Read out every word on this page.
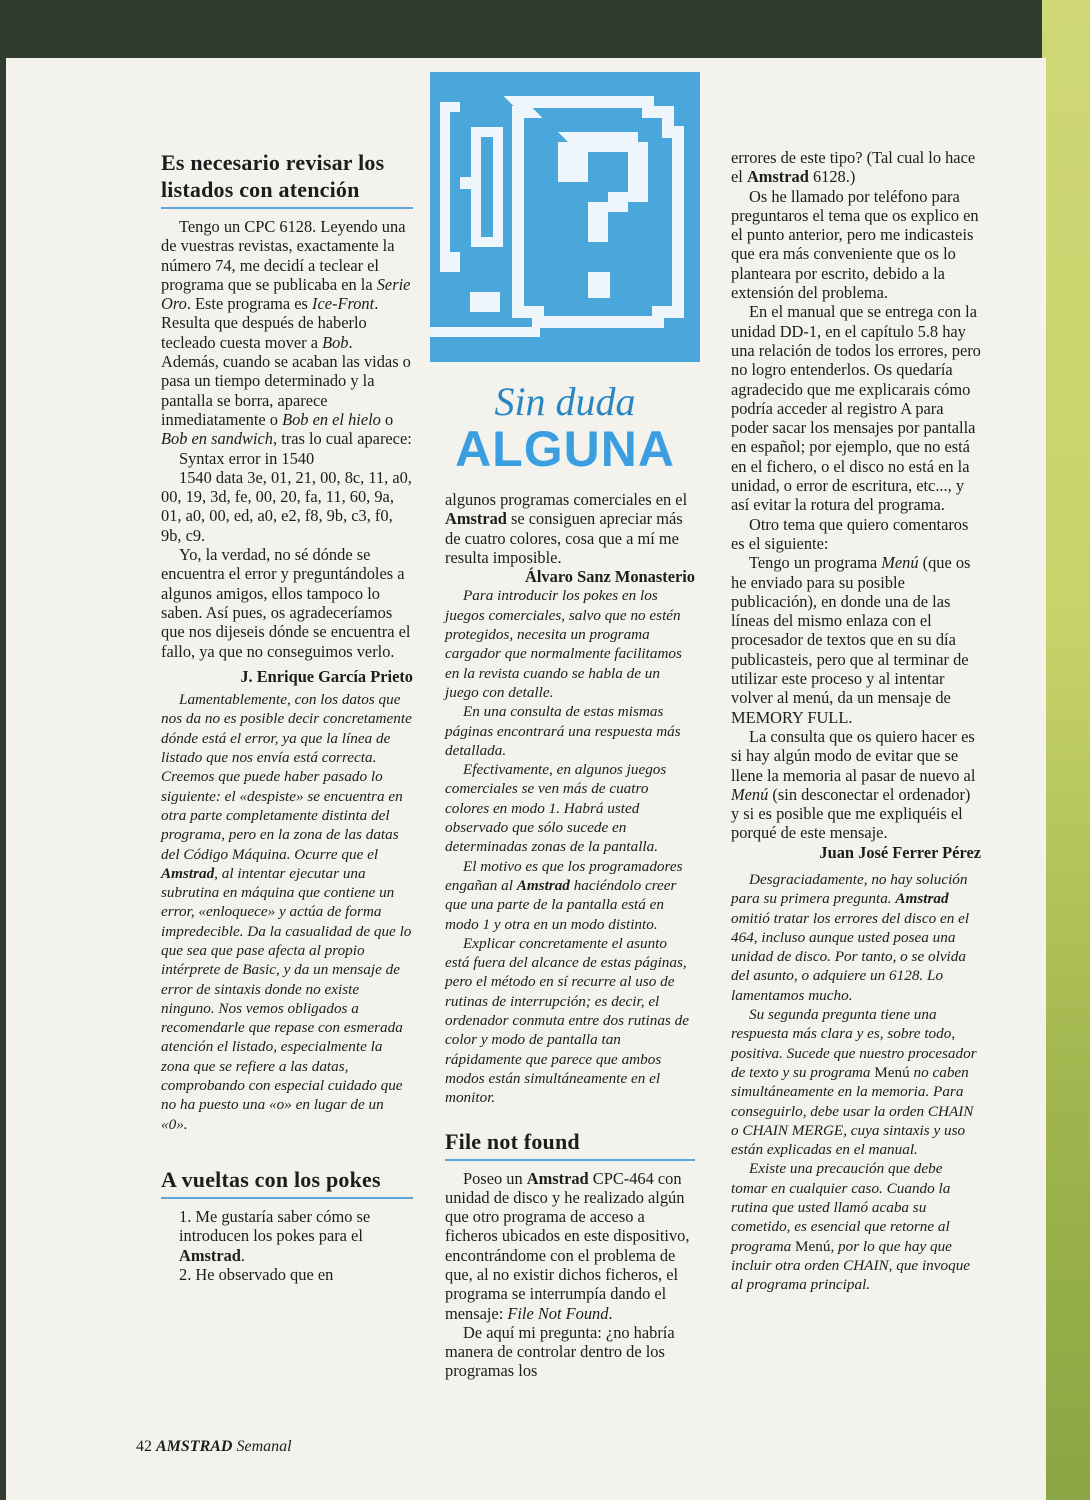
Sin duda
ALGUNA
Es necesario revisar los listados con atención

Tengo un CPC 6128. Leyendo una de vuestras revistas, exactamente la número 74, me decidí a teclear el programa que se publicaba en la Serie Oro. Este programa es Ice-Front. Resulta que después de haberlo tecleado cuesta mover a Bob. Además, cuando se acaban las vidas o pasa un tiempo determinado y la pantalla se borra, aparece inmediatamente o Bob en el hielo o Bob en sandwich, tras lo cual aparece:

Syntax error in 1540

1540 data 3e, 01, 21, 00, 8c, 11, a0, 00, 19, 3d, fe, 00, 20, fa, 11, 60, 9a, 01, a0, 00, ed, a0, e2, f8, 9b, c3, f0, 9b, c9.

Yo, la verdad, no sé dónde se encuentra el error y preguntándoles a algunos amigos, ellos tampoco lo saben. Así pues, os agradeceríamos que nos dijeseis dónde se encuentra el fallo, ya que no conseguimos verlo.

J. Enrique García Prieto

Lamentablemente, con los datos que nos da no es posible decir concretamente dónde está el error, ya que la línea de listado que nos envía está correcta. Creemos que puede haber pasado lo siguiente: el «despiste» se encuentra en otra parte completamente distinta del programa, pero en la zona de las datas del Código Máquina. Ocurre que el Amstrad, al intentar ejecutar una subrutina en máquina que contiene un error, «enloquece» y actúa de forma impredecible. Da la casualidad de que lo que sea que pase afecta al propio intérprete de Basic, y da un mensaje de error de sintaxis donde no existe ninguno. Nos vemos obligados a recomendarle que repase con esmerada atención el listado, especialmente la zona que se refiere a las datas, comprobando con especial cuidado que no ha puesto una «o» en lugar de un «0».

A vueltas con los pokes

1. Me gustaría saber cómo se introducen los pokes para el Amstrad.

2. He observado que en

algunos programas comerciales en el Amstrad se consiguen apreciar más de cuatro colores, cosa que a mí me resulta imposible.

Álvaro Sanz Monasterio

Para introducir los pokes en los juegos comerciales, salvo que no estén protegidos, necesita un programa cargador que normalmente facilitamos en la revista cuando se habla de un juego con detalle.

En una consulta de estas mismas páginas encontrará una respuesta más detallada.

Efectivamente, en algunos juegos comerciales se ven más de cuatro colores en modo 1. Habrá usted observado que sólo sucede en determinadas zonas de la pantalla.

El motivo es que los programadores engañan al Amstrad haciéndolo creer que una parte de la pantalla está en modo 1 y otra en un modo distinto.

Explicar concretamente el asunto está fuera del alcance de estas páginas, pero el método en sí recurre al uso de rutinas de interrupción; es decir, el ordenador conmuta entre dos rutinas de color y modo de pantalla tan rápidamente que parece que ambos modos están simultáneamente en el monitor.

File not found

Poseo un Amstrad CPC-464 con unidad de disco y he realizado algún que otro programa de acceso a ficheros ubicados en este dispositivo, encontrándome con el problema de que, al no existir dichos ficheros, el programa se interrumpía dando el mensaje: File Not Found.

De aquí mi pregunta: ¿no habría manera de controlar dentro de los programas los

errores de este tipo? (Tal cual lo hace el Amstrad 6128.)

Os he llamado por teléfono para preguntaros el tema que os explico en el punto anterior, pero me indicasteis que era más conveniente que os lo planteara por escrito, debido a la extensión del problema.

En el manual que se entrega con la unidad DD-1, en el capítulo 5.8 hay una relación de todos los errores, pero no logro entenderlos. Os quedaría agradecido que me explicarais cómo podría acceder al registro A para poder sacar los mensajes por pantalla en español; por ejemplo, que no está en el fichero, o el disco no está en la unidad, o error de escritura, etc..., y así evitar la rotura del programa.

Otro tema que quiero comentaros es el siguiente:

Tengo un programa Menú (que os he enviado para su posible publicación), en donde una de las líneas del mismo enlaza con el procesador de textos que en su día publicasteis, pero que al terminar de utilizar este proceso y al intentar volver al menú, da un mensaje de MEMORY FULL.

La consulta que os quiero hacer es si hay algún modo de evitar que se llene la memoria al pasar de nuevo al Menú (sin desconectar el ordenador) y si es posible que me expliquéis el porqué de este mensaje.

Juan José Ferrer Pérez

Desgraciadamente, no hay solución para su primera pregunta. Amstrad omitió tratar los errores del disco en el 464, incluso aunque usted posea una unidad de disco. Por tanto, o se olvida del asunto, o adquiere un 6128. Lo lamentamos mucho.

Su segunda pregunta tiene una respuesta más clara y es, sobre todo, positiva. Sucede que nuestro procesador de texto y su programa Menú no caben simultáneamente en la memoria. Para conseguirlo, debe usar la orden CHAIN o CHAIN MERGE, cuya sintaxis y uso están explicadas en el manual.

Existe una precaución que debe tomar en cualquier caso. Cuando la rutina que usted llamó acaba su cometido, es esencial que retorne al programa Menú, por lo que hay que incluir otra orden CHAIN, que invoque al programa principal.

42 AMSTRAD Semanal
